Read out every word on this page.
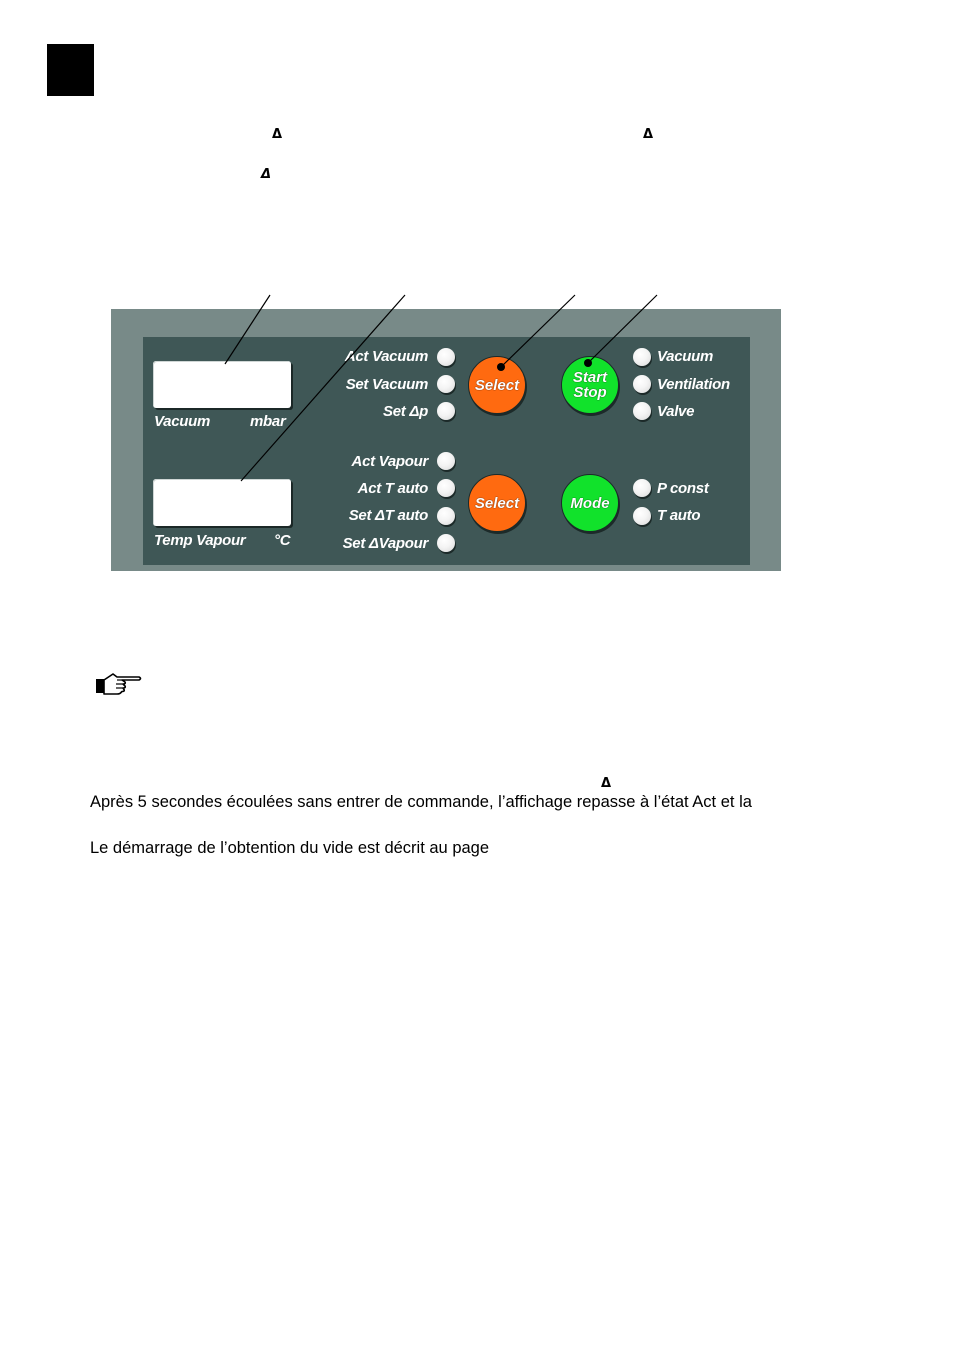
Δ	Δ
Δ
Vacuum	mbar
Temp Vapour °C
Act Vacuum
Set Vacuum
Set Δp
Act Vapour
Act T auto
Set ΔT auto
Set ΔVapour
Select
Select
Start
Stop
Mode
Vacuum
Ventilation
Valve
P const
T auto
Δ
Après 5 secondes écoulées sans entrer de commande, l’affichage repasse à l’état Act et la
Le démarrage de l’obtention du vide est décrit au page
